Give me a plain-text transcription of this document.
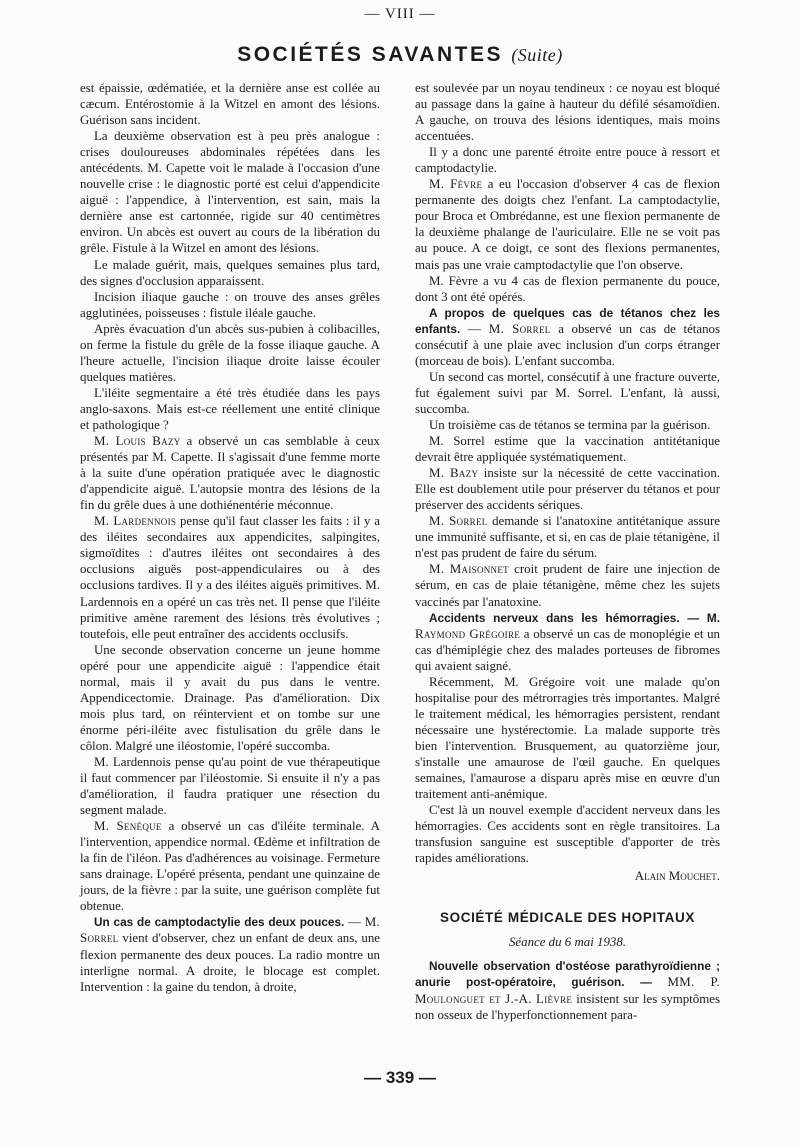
— VIII —
SOCIÉTÉS SAVANTES (Suite)

est épaissie, œdématiée, et la dernière anse est collée au cæcum. Entérostomie à la Witzel en amont des lésions. Guérison sans incident.

La deuxième observation est à peu près analogue : crises douloureuses abdominales répétées dans les antécédents. M. Capette voit le malade à l'occasion d'une nouvelle crise : le diagnostic porté est celui d'appendicite aiguë : l'appendice, à l'intervention, est sain, mais la dernière anse est cartonnée, rigide sur 40 centimètres environ. Un abcès est ouvert au cours de la libération du grêle. Fistule à la Witzel en amont des lésions.

Le malade guérit, mais, quelques semaines plus tard, des signes d'occlusion apparaissent.

Incision iliaque gauche : on trouve des anses grêles agglutinées, poisseuses : fistule iléale gauche.

Après évacuation d'un abcès sus-pubien à colibacilles, on ferme la fistule du grêle de la fosse iliaque gauche. A l'heure actuelle, l'incision iliaque droite laisse écouler quelques matières.

L'iléite segmentaire a été très étudiée dans les pays anglo-saxons. Mais est-ce réellement une entité clinique et pathologique ?

M. Louis Bazy a observé un cas semblable à ceux présentés par M. Capette. Il s'agissait d'une femme morte à la suite d'une opération pratiquée avec le diagnostic d'appendicite aiguë. L'autopsie montra des lésions de la fin du grêle dues à une dothiénentérie méconnue.

M. Lardennois pense qu'il faut classer les faits : il y a des iléites secondaires aux appendicites, salpingites, sigmoïdites : d'autres iléites ont secondaires à des occlusions aiguës post-appendiculaires ou à des occlusions tardives. Il y a des iléites aiguës primitives. M. Lardennois en a opéré un cas très net. Il pense que l'iléite primitive amène rarement des lésions très évolutives ; toutefois, elle peut entraîner des accidents occlusifs.

Une seconde observation concerne un jeune homme opéré pour une appendicite aiguë : l'appendice était normal, mais il y avait du pus dans le ventre. Appendicectomie. Drainage. Pas d'amélioration. Dix mois plus tard, on réintervient et on tombe sur une énorme péri-iléite avec fistulisation du grêle dans le côlon. Malgré une iléostomie, l'opéré succomba.

M. Lardennois pense qu'au point de vue thérapeutique il faut commencer par l'iléostomie. Si ensuite il n'y a pas d'amélioration, il faudra pratiquer une résection du segment malade.

M. Senèque a observé un cas d'iléite terminale. A l'intervention, appendice normal. Œdème et infiltration de la fin de l'iléon. Pas d'adhérences au voisinage. Fermeture sans drainage. L'opéré présenta, pendant une quinzaine de jours, de la fièvre : par la suite, une guérison complète fut obtenue.

Un cas de camptodactylie des deux pouces. — M. Sorrel vient d'observer, chez un enfant de deux ans, une flexion permanente des deux pouces. La radio montre un interligne normal. A droite, le blocage est complet. Intervention : la gaine du tendon, à droite,

est soulevée par un noyau tendineux : ce noyau est bloqué au passage dans la gaine à hauteur du défilé sésamoïdien. A gauche, on trouva des lésions identiques, mais moins accentuées.

Il y a donc une parenté étroite entre pouce à ressort et camptodactylie.

M. Fèvre a eu l'occasion d'observer 4 cas de flexion permanente des doigts chez l'enfant. La camptodactylie, pour Broca et Ombrédanne, est une flexion permanente de la deuxième phalange de l'auriculaire. Elle ne se voit pas au pouce. A ce doigt, ce sont des flexions permanentes, mais pas une vraie camptodactylie que l'on observe.

M. Fèvre a vu 4 cas de flexion permanente du pouce, dont 3 ont été opérés.

A propos de quelques cas de tétanos chez les enfants. — M. Sorrel a observé un cas de tétanos consécutif à une plaie avec inclusion d'un corps étranger (morceau de bois). L'enfant succomba.

Un second cas mortel, consécutif à une fracture ouverte, fut également suivi par M. Sorrel. L'enfant, là aussi, succomba.

Un troisième cas de tétanos se termina par la guérison.

M. Sorrel estime que la vaccination antitétanique devrait être appliquée systématiquement.

M. Bazy insiste sur la nécessité de cette vaccination. Elle est doublement utile pour préserver du tétanos et pour préserver des accidents sériques.

M. Sorrel demande si l'anatoxine antitétanique assure une immunité suffisante, et si, en cas de plaie tétanigène, il n'est pas prudent de faire du sérum.

M. Maisonnet croit prudent de faire une injection de sérum, en cas de plaie tétanigène, même chez les sujets vaccinés par l'anatoxine.

Accidents nerveux dans les hémorragies. — M. Raymond Grégoire a observé un cas de monoplégie et un cas d'hémiplégie chez des malades porteuses de fibromes qui avaient saigné.

Récemment, M. Grégoire voit une malade qu'on hospitalise pour des métrorragies très importantes. Malgré le traitement médical, les hémorragies persistent, rendant nécessaire une hystérectomie. La malade supporte très bien l'intervention. Brusquement, au quatorzième jour, s'installe une amaurose de l'œil gauche. En quelques semaines, l'amaurose a disparu après mise en œuvre d'un traitement anti-anémique.

C'est là un nouvel exemple d'accident nerveux dans les hémorragies. Ces accidents sont en règle transitoires. La transfusion sanguine est susceptible d'apporter de très rapides améliorations.

Alain Mouchet.

SOCIÉTÉ MÉDICALE DES HOPITAUX

Séance du 6 mai 1938.

Nouvelle observation d'ostéose parathyroïdienne ; anurie post-opératoire, guérison. — MM. P. Moulonguet et J.-A. Lièvre insistent sur les symptômes non osseux de l'hyperfonctionnement para-

— 339 —
